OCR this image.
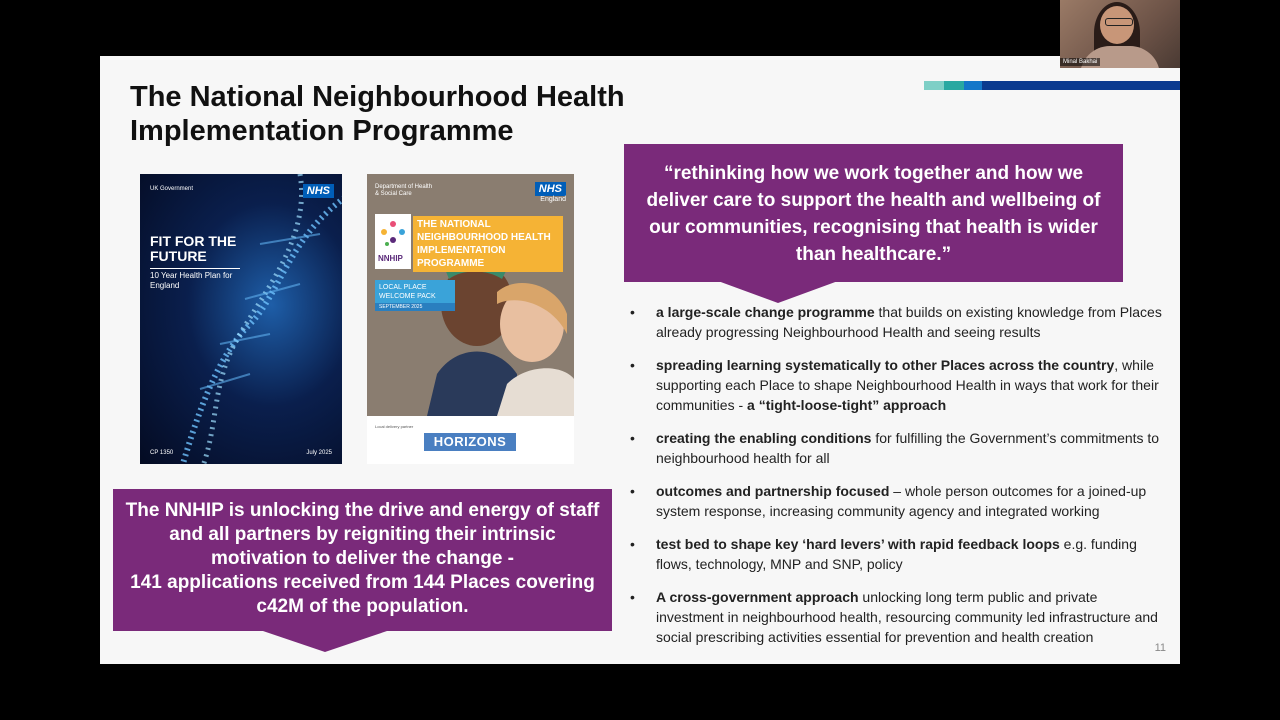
The National Neighbourhood Health Implementation Programme
UK Government	NHS
FIT FOR THE FUTURE
10 Year Health Plan for England
CP 1350	July 2025
Department of Health & Social Care	NHS
England
NNHIP
THE NATIONAL NEIGHBOURHOOD HEALTH IMPLEMENTATION PROGRAMME
LOCAL PLACE WELCOME PACK
SEPTEMBER 2025
Local delivery partner
HORIZONS
“rethinking how we work together and how we deliver care to support the health and wellbeing of our communities, recognising that health is wider than healthcare.”
• a large-scale change programme that builds on existing knowledge from Places already progressing Neighbourhood Health and seeing results
• spreading learning systematically to other Places across the country, while supporting each Place to shape Neighbourhood Health in ways that work for their communities - a “tight-loose-tight” approach
• creating the enabling conditions for fulfilling the Government’s commitments to neighbourhood health for all
• outcomes and partnership focused – whole person outcomes for a joined-up system response, increasing community agency and integrated working
• test bed to shape key ‘hard levers’ with rapid feedback loops e.g. funding flows, technology, MNP and SNP, policy
• A cross-government approach unlocking long term public and private investment in neighbourhood health, resourcing community led infrastructure and social prescribing activities essential for prevention and health creation
The NNHIP is unlocking the drive and energy of staff and all partners by reigniting their intrinsic motivation to deliver the change -
141 applications received from 144 Places covering c42M of the population.
11
Minal Bakhai
